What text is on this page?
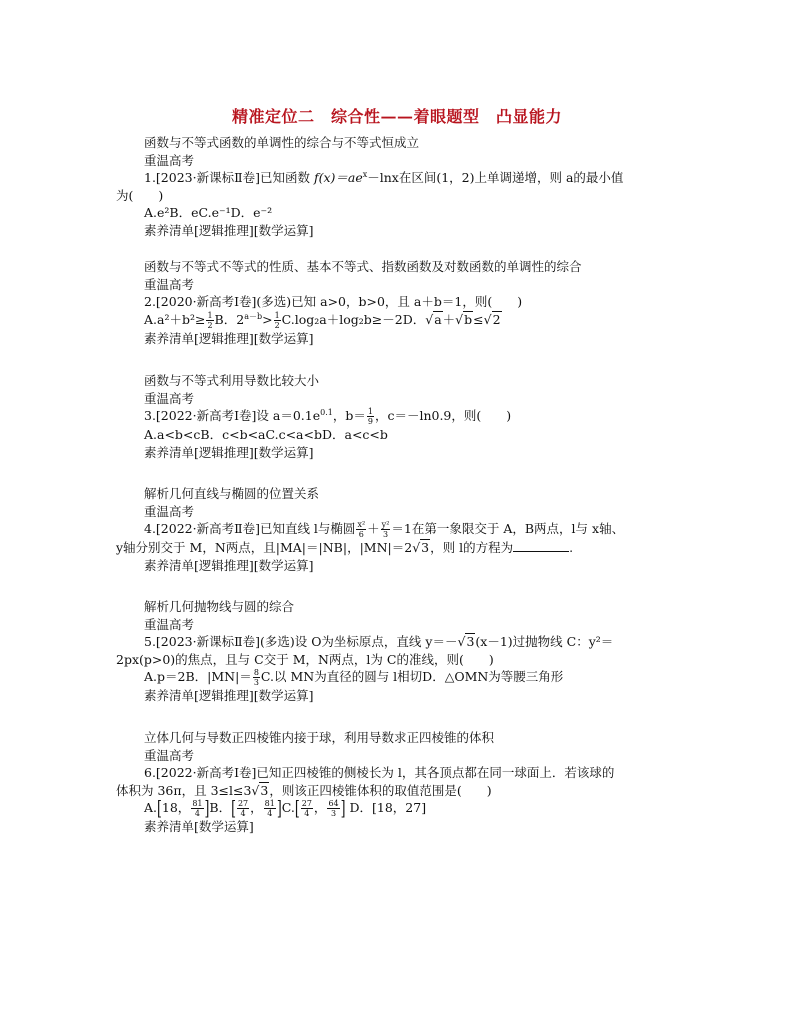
精准定位二　综合性——着眼题型　凸显能力
函数与不等式函数的单调性的综合与不等式恒成立
重温高考
1.[2023·新课标Ⅱ卷]已知函数 $f(x)=ae^x-\ln x$在区间(1，2)上单调递增，则 a的最小值
为(　　)
A.e²B．eC.e⁻¹D．e⁻²
素养清单[逻辑推理][数学运算]
函数与不等式不等式的性质、基本不等式、指数函数及对数函数的单调性的综合
重温高考
2.[2020·新高考Ⅰ卷](多选)已知 a>0，b>0，且 a＋b＝1，则(　　)
$A.a^2+b^2\ge \frac{1}{2}$ B．$2^{a-b}> \frac{1}{2} C.\log_2a+\log_2b\ge-2D$．√a＋√b≤√2
素养清单[逻辑推理][数学运算]
函数与不等式利用导数比较大小
重温高考
3.[2022·新高考Ⅰ卷]设 $a=0.1e^{0.1}$，$b= \frac{1}{9}$ ，c＝－ln0.9，则(　　)
A.a<b<cB．c<b<aC.c<a<bD．a<c<b
素养清单[逻辑推理][数学运算]
解析几何直线与椭圆的位置关系
重温高考
4.[2022·新高考Ⅱ卷]已知直线 l与椭圆 $\frac{\text{x²}}{6} + \frac{\text{y²}}{3} =1$在第一象限交于 A，B两点，l与 x轴、
y轴分别交于 M，N两点，且|MA|＝|NB|，|MN|＝2√3，则 l的方程为	.
素养清单[逻辑推理][数学运算]
解析几何抛物线与圆的综合
重温高考
5.[2023·新课标Ⅱ卷](多选)设 O为坐标原点，直线 y＝－√3(x－1)过抛物线 C：y²＝
2px(p>0)的焦点，且与 C交于 M，N两点，l为 C的准线，则(　　)
A.p＝2B．$|MN|= \frac{8}{3} C$.以 MN为直径的圆与 l相切D．△OMN为等腰三角形
素养清单[逻辑推理][数学运算]
立体几何与导数正四棱锥内接于球，利用导数求正四棱锥的体积
重温高考
6.[2022·新高考Ⅰ卷]已知正四棱锥的侧棱长为 l，其各顶点都在同一球面上．若该球的
体积为 36π，且 3≤l≤3√3，则该正四棱锥体积的取值范围是(　　)
A.[18， $\frac{81}{4} ]B$．[ $\frac{27}{4}$ ， $\frac{81}{4} ]C.[ \frac{27}{4}$ ， $\frac{64}{3}$ ] D．[18，27]
素养清单[数学运算]
